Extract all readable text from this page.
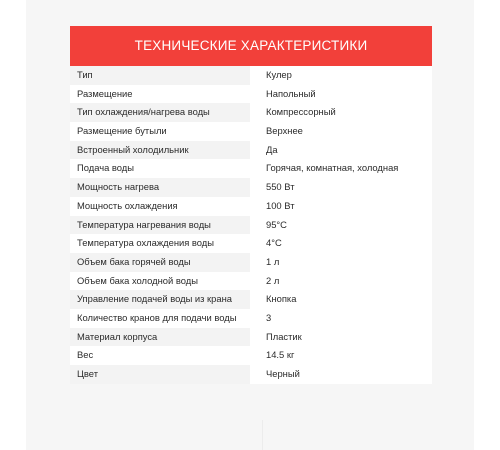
ТЕХНИЧЕСКИЕ ХАРАКТЕРИСТИКИ
Тип	Кулер
Размещение	Напольный
Тип охлаждения/нагрева воды	Компрессорный
Размещение бутыли	Верхнее
Встроенный холодильник	Да
Подача воды	Горячая, комнатная, холодная
Мощность нагрева	550 Вт
Мощность охлаждения	100 Вт
Температура нагревания воды	95°С
Температура охлаждения воды	4°С
Объем бака горячей воды	1 л
Объем бака холодной воды	2 л
Управление подачей воды из крана	Кнопка
Количество кранов для подачи воды	3
Материал корпуса	Пластик
Вес	14.5 кг
Цвет	Черный
